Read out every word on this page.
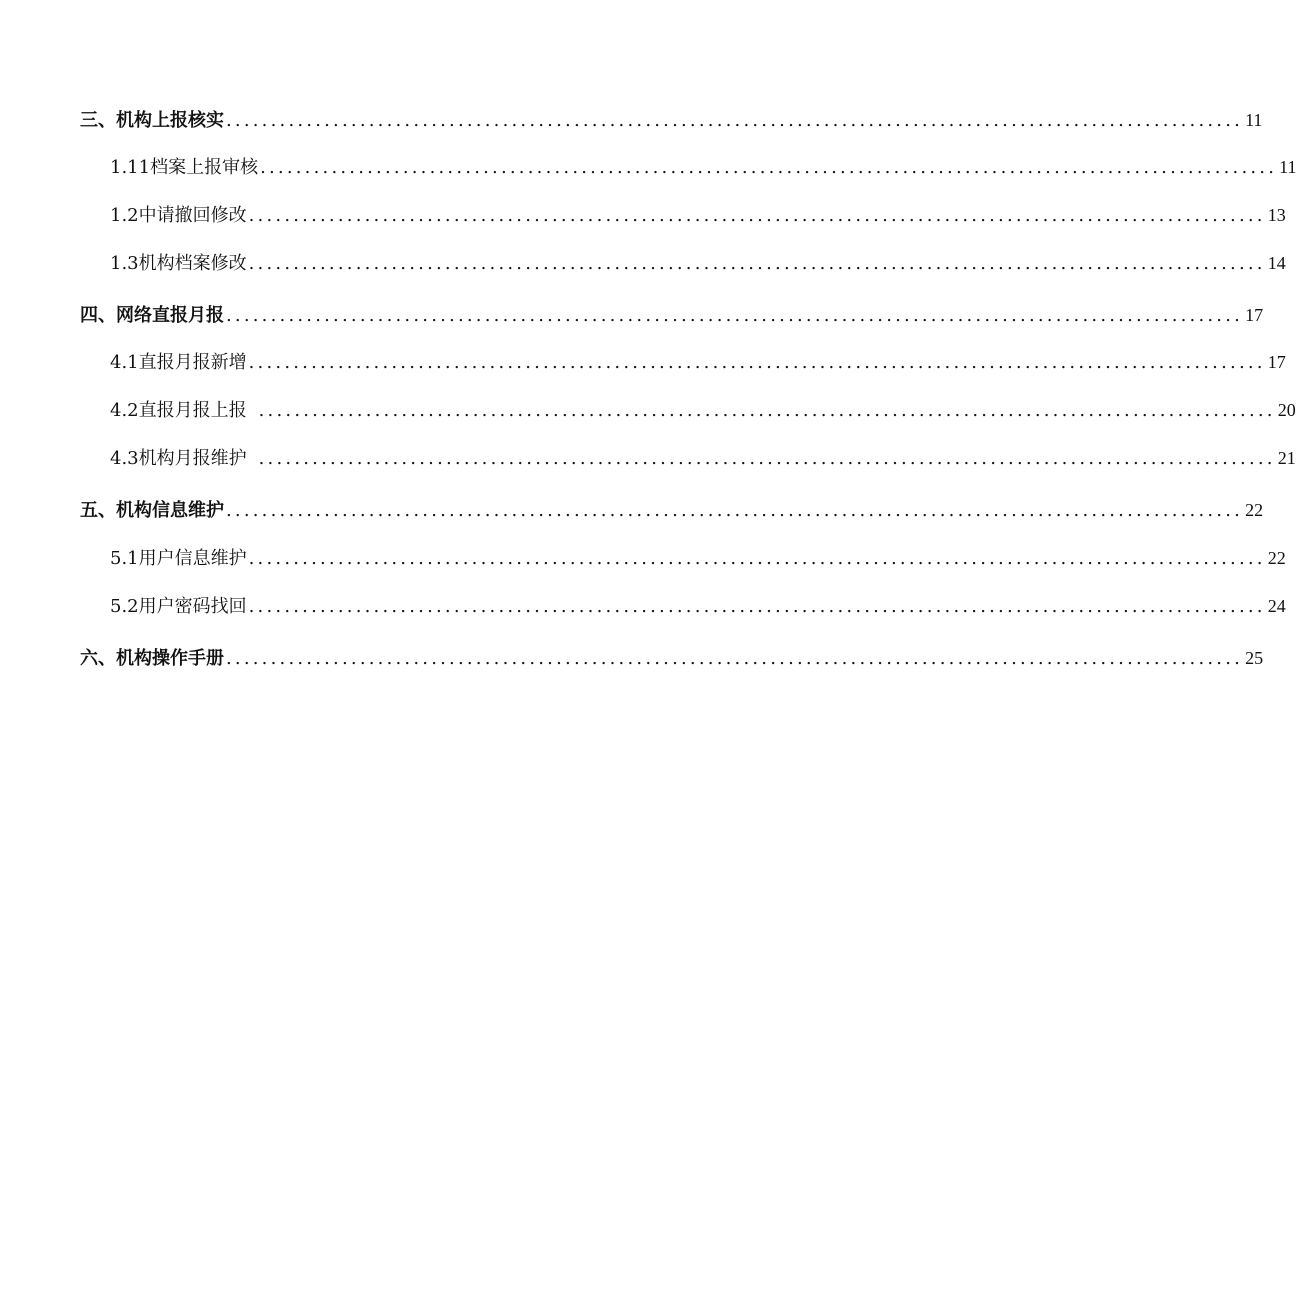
三、 机构上报核实 .................................................................................................................. 11
1.11 档案上报审核 .................................................................................................................. 11
1.2 中请撤回修改 .................................................................................................................. 13
1.3 机构档案修改 .................................................................................................................. 14
四、 网络直报月报 .................................................................................................................. 17
4.1 直报月报新增 .................................................................................................................. 17
4.2 直报月报上报 .................................................................................................................. 20
4.3 机构月报维护 .................................................................................................................. 21
五、 机构信息维护 .................................................................................................................. 22
5.1 用户信息维护 .................................................................................................................. 22
5.2 用户密码找回 .................................................................................................................. 24
六、 机构操作手册 .................................................................................................................. 25
